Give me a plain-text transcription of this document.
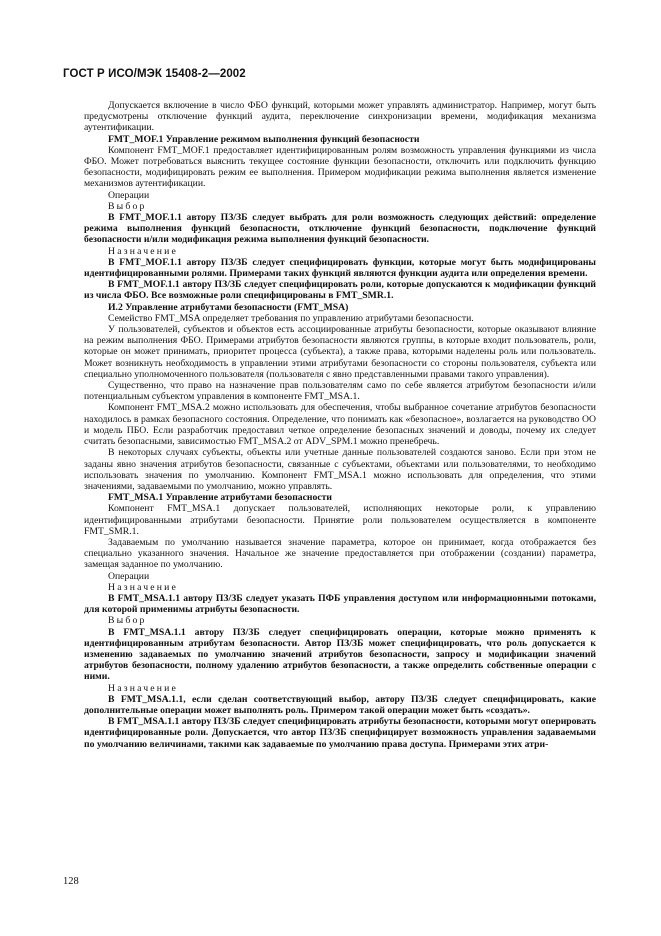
ГОСТ Р ИСО/МЭК 15408-2—2002

Допускается включение в число ФБО функций, которыми может управлять администратор. Например, могут быть предусмотрены отключение функций аудита, переключение синхронизации времени, модификация механизма аутентификации.

FMT_MOF.1 Управление режимом выполнения функций безопасности

Компонент FMT_MOF.1 предоставляет идентифицированным ролям возможность управления функциями из числа ФБО. Может потребоваться выяснить текущее состояние функции безопасности, отключить или подключить функцию безопасности, модифицировать режим ее выполнения. Примером модификации режима выполнения является изменение механизмов аутентификации.

Операции

Выбор

В FMT_MOF.1.1 автору ПЗ/ЗБ следует выбрать для роли возможность следующих действий: определение режима выполнения функций безопасности, отключение функций безопасности, подключение функций безопасности и/или модификация режима выполнения функций безопасности.

Назначение

В FMT_MOF.1.1 автору ПЗ/ЗБ следует специфицировать функции, которые могут быть модифицированы идентифицированными ролями. Примерами таких функций являются функции аудита или определения времени.

В FMT_MOF.1.1 автору ПЗ/ЗБ следует специфицировать роли, которые допускаются к модификации функций из числа ФБО. Все возможные роли специфицированы в FMT_SMR.1.

И.2 Управление атрибутами безопасности (FMT_MSA)

Семейство FMT_MSA определяет требования по управлению атрибутами безопасности.

У пользователей, субъектов и объектов есть ассоциированные атрибуты безопасности, которые оказывают влияние на режим выполнения ФБО. Примерами атрибутов безопасности являются группы, в которые входит пользователь, роли, которые он может принимать, приоритет процесса (субъекта), а также права, которыми наделены роль или пользователь. Может возникнуть необходимость в управлении этими атрибутами безопасности со стороны пользователя, субъекта или специально уполномоченного пользователя (пользователя с явно представленными правами такого управления).

Существенно, что право на назначение прав пользователям само по себе является атрибутом безопасности и/или потенциальным субъектом управления в компоненте FMT_MSA.1.

Компонент FMT_MSA.2 можно использовать для обеспечения, чтобы выбранное сочетание атрибутов безопасности находилось в рамках безопасного состояния. Определение, что понимать как «безопасное», возлагается на руководство ОО и модель ПБО. Если разработчик предоставил четкое определение безопасных значений и доводы, почему их следует считать безопасными, зависимостью FMT_MSA.2 от ADV_SPM.1 можно пренебречь.

В некоторых случаях субъекты, объекты или учетные данные пользователей создаются заново. Если при этом не заданы явно значения атрибутов безопасности, связанные с субъектами, объектами или пользователями, то необходимо использовать значения по умолчанию. Компонент FMT_MSA.1 можно использовать для определения, что этими значениями, задаваемыми по умолчанию, можно управлять.

FMT_MSA.1 Управление атрибутами безопасности

Компонент FMT_MSA.1 допускает пользователей, исполняющих некоторые роли, к управлению идентифицированными атрибутами безопасности. Принятие роли пользователем осуществляется в компоненте FMT_SMR.1.

Задаваемым по умолчанию называется значение параметра, которое он принимает, когда отображается без специально указанного значения. Начальное же значение предоставляется при отображении (создании) параметра, замещая заданное по умолчанию.

Операции

Назначение

В FMT_MSA.1.1 автору ПЗ/ЗБ следует указать ПФБ управления доступом или информационными потоками, для которой применимы атрибуты безопасности.

Выбор

В FMT_MSA.1.1 автору ПЗ/ЗБ следует специфицировать операции, которые можно применять к идентифицированным атрибутам безопасности. Автор ПЗ/ЗБ может специфицировать, что роль допускается к изменению задаваемых по умолчанию значений атрибутов безопасности, запросу и модификации значений атрибутов безопасности, полному удалению атрибутов безопасности, а также определить собственные операции с ними.

Назначение

В FMT_MSA.1.1, если сделан соответствующий выбор, автору ПЗ/ЗБ следует специфицировать, какие дополнительные операции может выполнять роль. Примером такой операции может быть «создать».

В FMT_MSA.1.1 автору ПЗ/ЗБ следует специфицировать атрибуты безопасности, которыми могут оперировать идентифицированные роли. Допускается, что автор ПЗ/ЗБ специфицирует возможность управления задаваемыми по умолчанию величинами, такими как задаваемые по умолчанию права доступа. Примерами этих атри-

128
